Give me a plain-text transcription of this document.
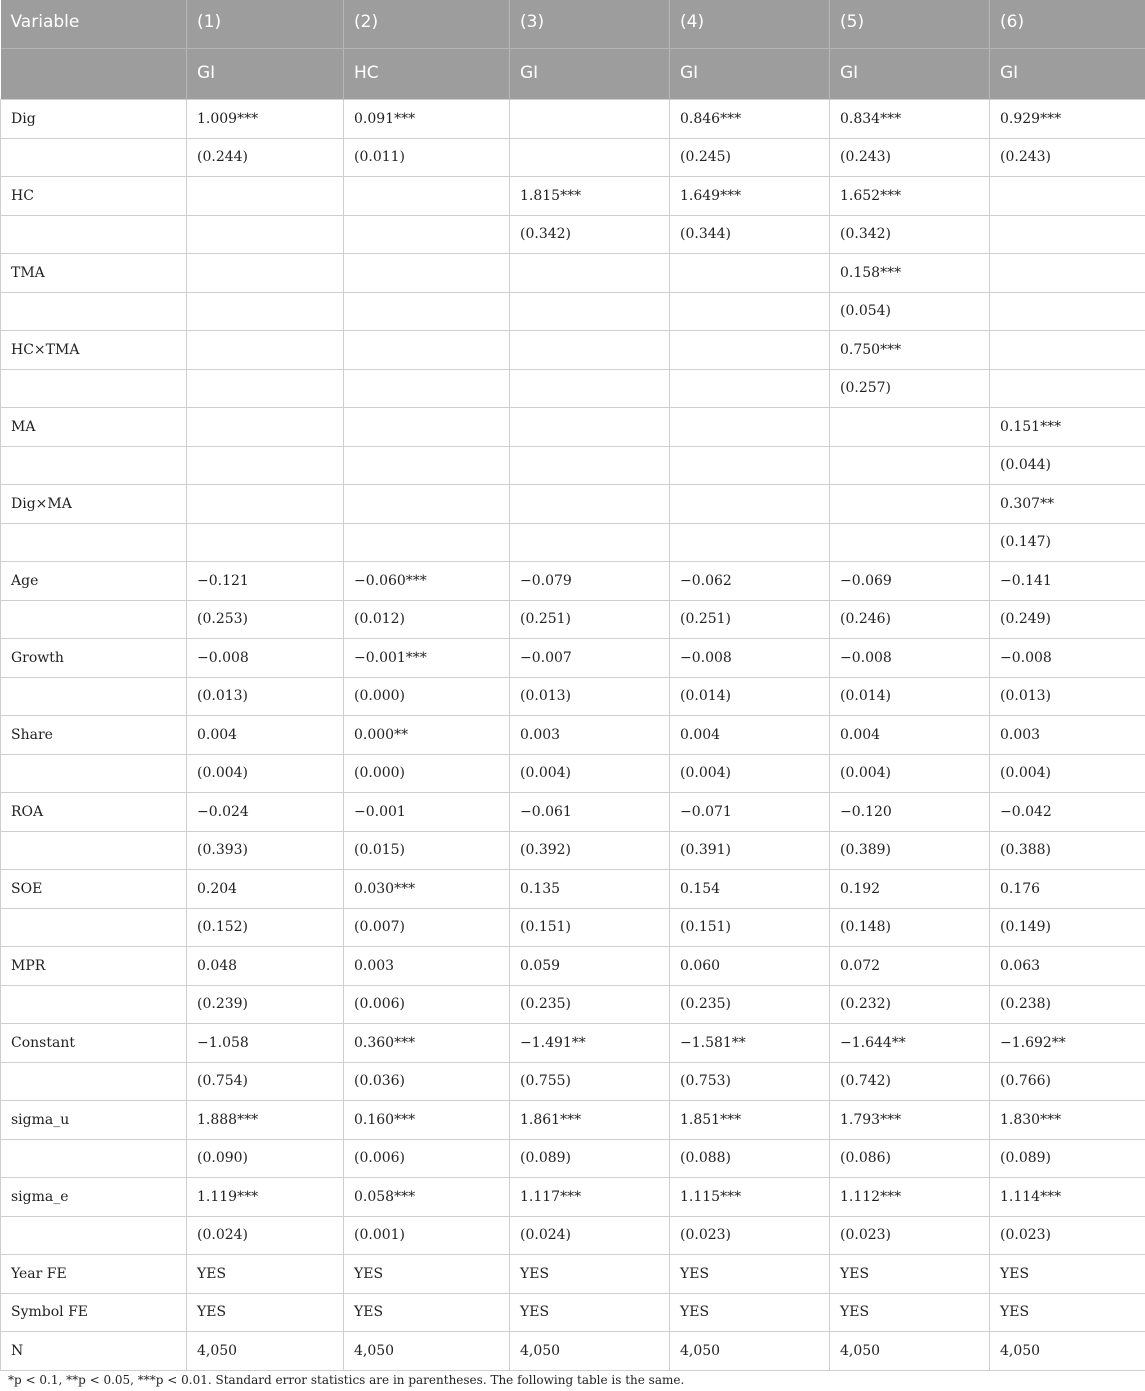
Variable	(1)	(2)	(3)	(4)	(5)	(6)
	GI	HC	GI	GI	GI	GI
Dig	1.009***	0.091***		0.846***	0.834***	0.929***
	(0.244)	(0.011)		(0.245)	(0.243)	(0.243)
HC			1.815***	1.649***	1.652***	
			(0.342)	(0.344)	(0.342)	
TMA					0.158***	
					(0.054)	
HC×TMA					0.750***	
					(0.257)	
MA						0.151***
						(0.044)
Dig×MA						0.307**
						(0.147)
Age	−0.121	−0.060***	−0.079	−0.062	−0.069	−0.141
	(0.253)	(0.012)	(0.251)	(0.251)	(0.246)	(0.249)
Growth	−0.008	−0.001***	−0.007	−0.008	−0.008	−0.008
	(0.013)	(0.000)	(0.013)	(0.014)	(0.014)	(0.013)
Share	0.004	0.000**	0.003	0.004	0.004	0.003
	(0.004)	(0.000)	(0.004)	(0.004)	(0.004)	(0.004)
ROA	−0.024	−0.001	−0.061	−0.071	−0.120	−0.042
	(0.393)	(0.015)	(0.392)	(0.391)	(0.389)	(0.388)
SOE	0.204	0.030***	0.135	0.154	0.192	0.176
	(0.152)	(0.007)	(0.151)	(0.151)	(0.148)	(0.149)
MPR	0.048	0.003	0.059	0.060	0.072	0.063
	(0.239)	(0.006)	(0.235)	(0.235)	(0.232)	(0.238)
Constant	−1.058	0.360***	−1.491**	−1.581**	−1.644**	−1.692**
	(0.754)	(0.036)	(0.755)	(0.753)	(0.742)	(0.766)
sigma_u	1.888***	0.160***	1.861***	1.851***	1.793***	1.830***
	(0.090)	(0.006)	(0.089)	(0.088)	(0.086)	(0.089)
sigma_e	1.119***	0.058***	1.117***	1.115***	1.112***	1.114***
	(0.024)	(0.001)	(0.024)	(0.023)	(0.023)	(0.023)
Year FE	YES	YES	YES	YES	YES	YES
Symbol FE	YES	YES	YES	YES	YES	YES
N	4,050	4,050	4,050	4,050	4,050	4,050
*p < 0.1, **p < 0.05, ***p < 0.01. Standard error statistics are in parentheses. The following table is the same.
